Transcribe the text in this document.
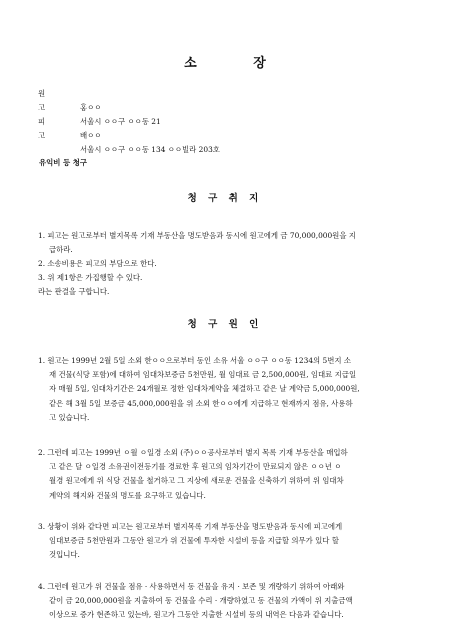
소 장
원 고	홍ㅇㅇ
서울시 ㅇㅇ구 ㅇㅇ동 21
피 고	배ㅇㅇ
서울시 ㅇㅇ구 ㅇㅇ동 134 ㅇㅇ빌라 203호
유익비 등 청구
청 구 취 지
1. 피고는 원고로부터 별지목록 기재 부동산을 명도받음과 동시에 원고에게 금 70,000,000원을 지
급하라.
2. 소송비용은 피고의 부담으로 한다.
3. 위 제1항은 가집행할 수 있다.
라는 판결을 구합니다.
청 구 원 인
1. 원고는 1999년 2월 5일 소외 한ㅇㅇ으로부터 동인 소유 서울 ㅇㅇ구 ㅇㅇ동 1234의 5번지 소
재 건물(식당 포함)에 대하여 임대차보증금 5천만원, 월 임대료 금 2,500,000원, 임대료 지급일
자 매월 5일, 임대차기간은 24개월로 정한 임대차계약을 체결하고 같은 날 계약금 5,000,000원,
같은 해 3월 5일 보증금 45,000,000원을 위 소외 한ㅇㅇ에게 지급하고 현재까지 점유, 사용하
고 있습니다.
2. 그런데 피고는 1999년 ㅇ월 ㅇ일경 소외 (주)ㅇㅇ공사로부터 별지 목록 기재 부동산을 매입하
고 같은 달 ㅇ일경 소유권이전등기를 경료한 후 원고의 임차기간이 만료되지 않은 ㅇㅇ년 ㅇ
월경 원고에게 위 식당 건물을 철거하고 그 지상에 새로운 건물을 신축하기 위하여 위 임대차
계약의 해지와 건물의 명도를 요구하고 있습니다.
3. 상황이 위와 같다면 피고는 원고로부터 별지목록 기재 부동산을 명도받음과 동시에 피고에게
임대보증금 5천만원과 그동안 원고가 위 건물에 투자한 시설비 등을 지급할 의무가 있다 할
것입니다.
4. 그런데 원고가 위 건물을 점유 · 사용하면서 동 건물을 유지 · 보존 및 개량하기 위하여 아래와
같이 금 20,000,000원을 지출하여 동 건물을 수리 · 개량하였고 동 건물의 가액이 위 지출금액
이상으로 증가 현존하고 있는바, 원고가 그동안 지출한 시설비 등의 내역은 다음과 같습니다.
